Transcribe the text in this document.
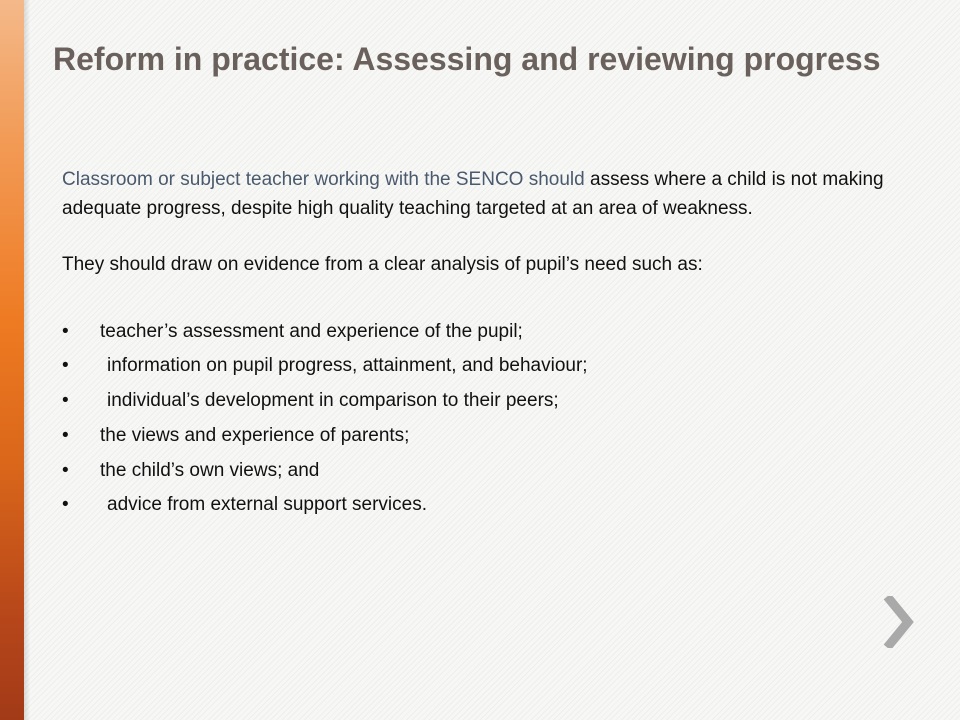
Reform in practice: Assessing and reviewing progress

Classroom or subject teacher working with the SENCO should assess where a child is not making adequate progress, despite high quality teaching targeted at an area of weakness.

They should draw on evidence from a clear analysis of pupil’s need such as:

• teacher’s assessment and experience of the pupil;
• information on pupil progress, attainment, and behaviour;
• individual’s development in comparison to their peers;
• the views and experience of parents;
• the child’s own views; and
• advice from external support services.
